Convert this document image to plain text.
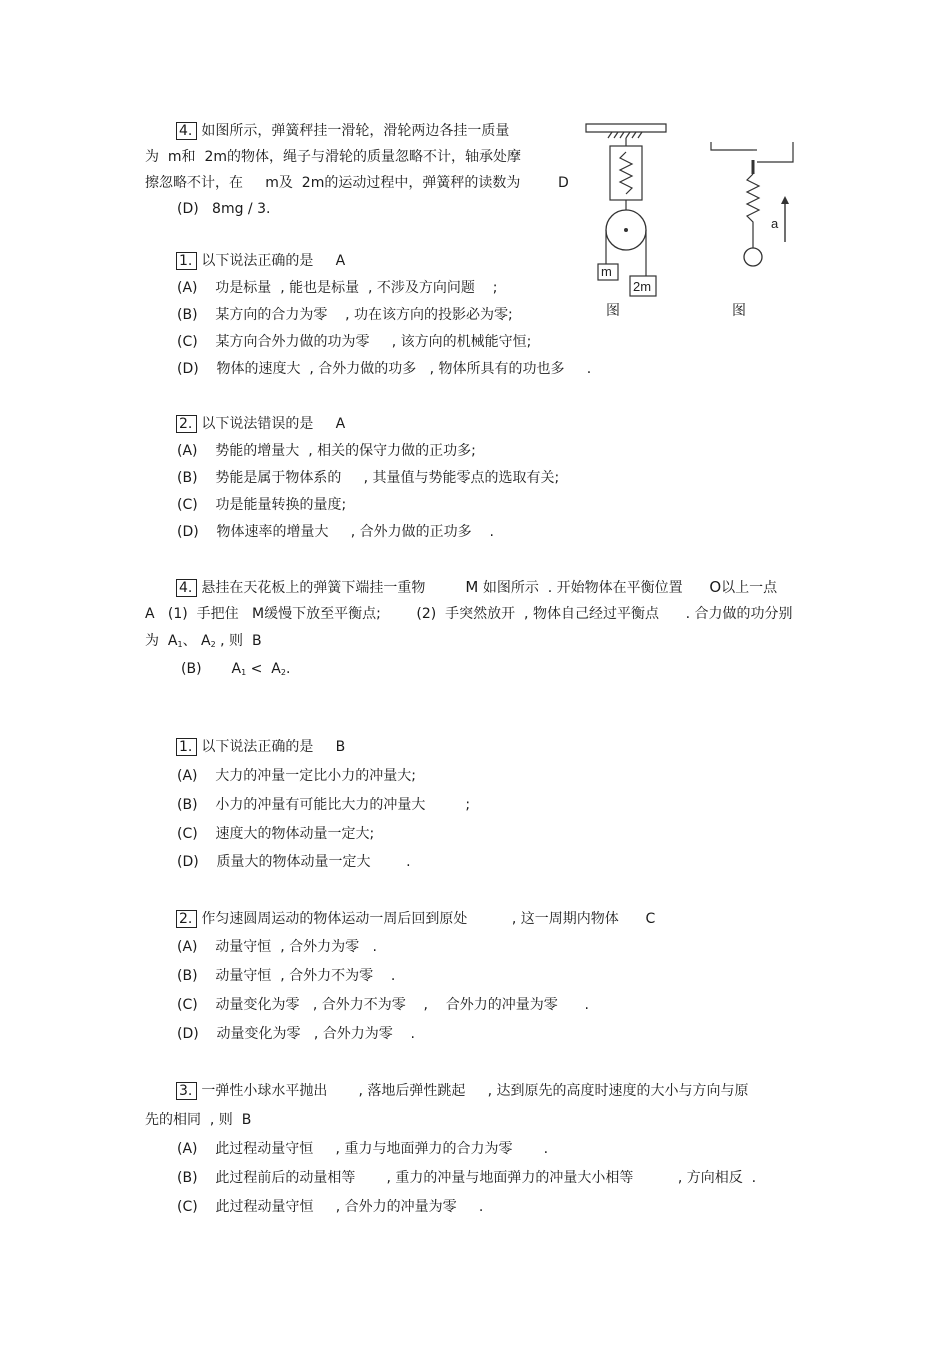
4. 如图所示，弹簧秤挂一滑轮，滑轮两边各挂一质量
为  m和  2m的物体，绳子与滑轮的质量忽略不计，轴承处摩
擦忽略不计，在     m及  2m的运动过程中，弹簧秤的读数为	D
(D)   8mg / 3.
m
2m
图
a
图
1. 以下说法正确的是     A
(A)    功是标量  , 能也是标量  , 不涉及方向问题    ;
(B)    某方向的合力为零    , 功在该方向的投影必为零;
(C)    某方向合外力做的功为零     , 该方向的机械能守恒;
(D)    物体的速度大  , 合外力做的功多   , 物体所具有的功也多     .
2. 以下说法错误的是     A
(A)    势能的增量大  , 相关的保守力做的正功多;
(B)    势能是属于物体系的     , 其量值与势能零点的选取有关;
(C)    功是能量转换的量度;
(D)    物体速率的增量大     , 合外力做的正功多    .
4. 悬挂在天花板上的弹簧下端挂一重物         M 如图所示  . 开始物体在平衡位置      O以上一点
A   (1)  手把住   M缓慢下放至平衡点;        (2)  手突然放开  , 物体自己经过平衡点      . 合力做的功分别
为  $A_1$、 $A_2$ , 则  B
(B) $A_1 < A_2$.
1. 以下说法正确的是     B
(A)    大力的冲量一定比小力的冲量大;
(B)    小力的冲量有可能比大力的冲量大         ;
(C)    速度大的物体动量一定大;
(D)    质量大的物体动量一定大        .
2. 作匀速圆周运动的物体运动一周后回到原处          , 这一周期内物体      C
(A)    动量守恒  , 合外力为零   .
(B)    动量守恒  , 合外力不为零    .
(C)    动量变化为零   , 合外力不为零    ,    合外力的冲量为零      .
(D)    动量变化为零   , 合外力为零    .
3. 一弹性小球水平抛出       , 落地后弹性跳起     , 达到原先的高度时速度的大小与方向与原
先的相同  , 则  B
(A)    此过程动量守恒     , 重力与地面弹力的合力为零       .
(B)    此过程前后的动量相等       , 重力的冲量与地面弹力的冲量大小相等          , 方向相反  .
(C)    此过程动量守恒     , 合外力的冲量为零     .
